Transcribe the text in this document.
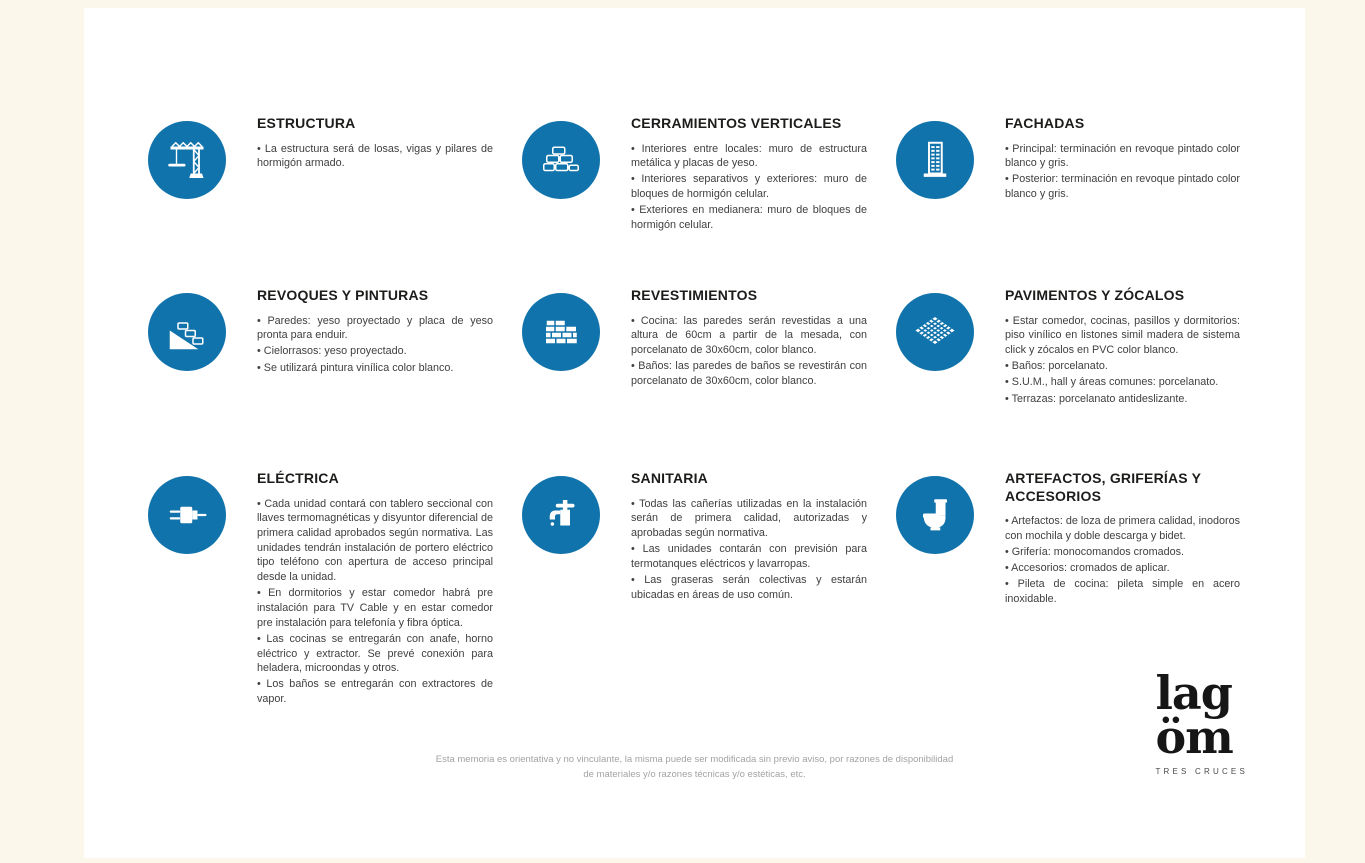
ESTRUCTURA

• La estructura será de losas, vigas y pilares de hormigón armado.

CERRAMIENTOS VERTICALES

• Interiores entre locales: muro de estructura metálica y placas de yeso.

• Interiores separativos y exteriores: muro de bloques de hormigón celular.

• Exteriores en medianera: muro de bloques de hormigón celular.

FACHADAS

• Principal: terminación en revoque pintado color blanco y gris.

• Posterior: terminación en revoque pintado color blanco y gris.

REVOQUES Y PINTURAS

• Paredes: yeso proyectado y placa de yeso pronta para enduir.

• Cielorrasos: yeso proyectado.

• Se utilizará pintura vinílica color blanco.

REVESTIMIENTOS

• Cocina: las paredes serán revestidas a una altura de 60cm a partir de la mesada, con porcelanato de 30x60cm, color blanco.

• Baños: las paredes de baños se revestirán con porcelanato de 30x60cm, color blanco.

PAVIMENTOS Y ZÓCALOS

• Estar comedor, cocinas, pasillos y dormitorios: piso vinílico en listones simil madera de sistema click y zócalos en PVC color blanco.

• Baños: porcelanato.

• S.U.M., hall y áreas comunes: porcelanato.

• Terrazas: porcelanato antideslizante.

ELÉCTRICA

• Cada unidad contará con tablero seccional con llaves termomagnéticas y disyuntor diferencial de primera calidad aprobados según normativa. Las unidades tendrán instalación de portero eléctrico tipo teléfono con apertura de acceso principal desde la unidad.

• En dormitorios y estar comedor habrá pre instalación para TV Cable y en estar comedor pre instalación para telefonía y fibra óptica.

• Las cocinas se entregarán con anafe, horno eléctrico y extractor. Se prevé conexión para heladera, microondas y otros.

• Los baños se entregarán con extractores de vapor.

SANITARIA

• Todas las cañerías utilizadas en la instalación serán de primera calidad, autorizadas y aprobadas según normativa.

• Las unidades contarán con previsión para termotanques eléctricos y lavarropas.

• Las graseras serán colectivas y estarán ubicadas en áreas de uso común.

ARTEFACTOS, GRIFERÍAS Y ACCESORIOS

• Artefactos: de loza de primera calidad, inodoros con mochila y doble descarga y bidet.

• Grifería: monocomandos cromados.

• Accesorios: cromados de aplicar.

• Pileta de cocina: pileta simple en acero inoxidable.

Esta memoria es orientativa y no vinculante, la misma puede ser modificada sin previo aviso, por razones de disponibilidad de materiales y/o razones técnicas y/o estéticas, etc.
lag
öm
TRES CRUCES
